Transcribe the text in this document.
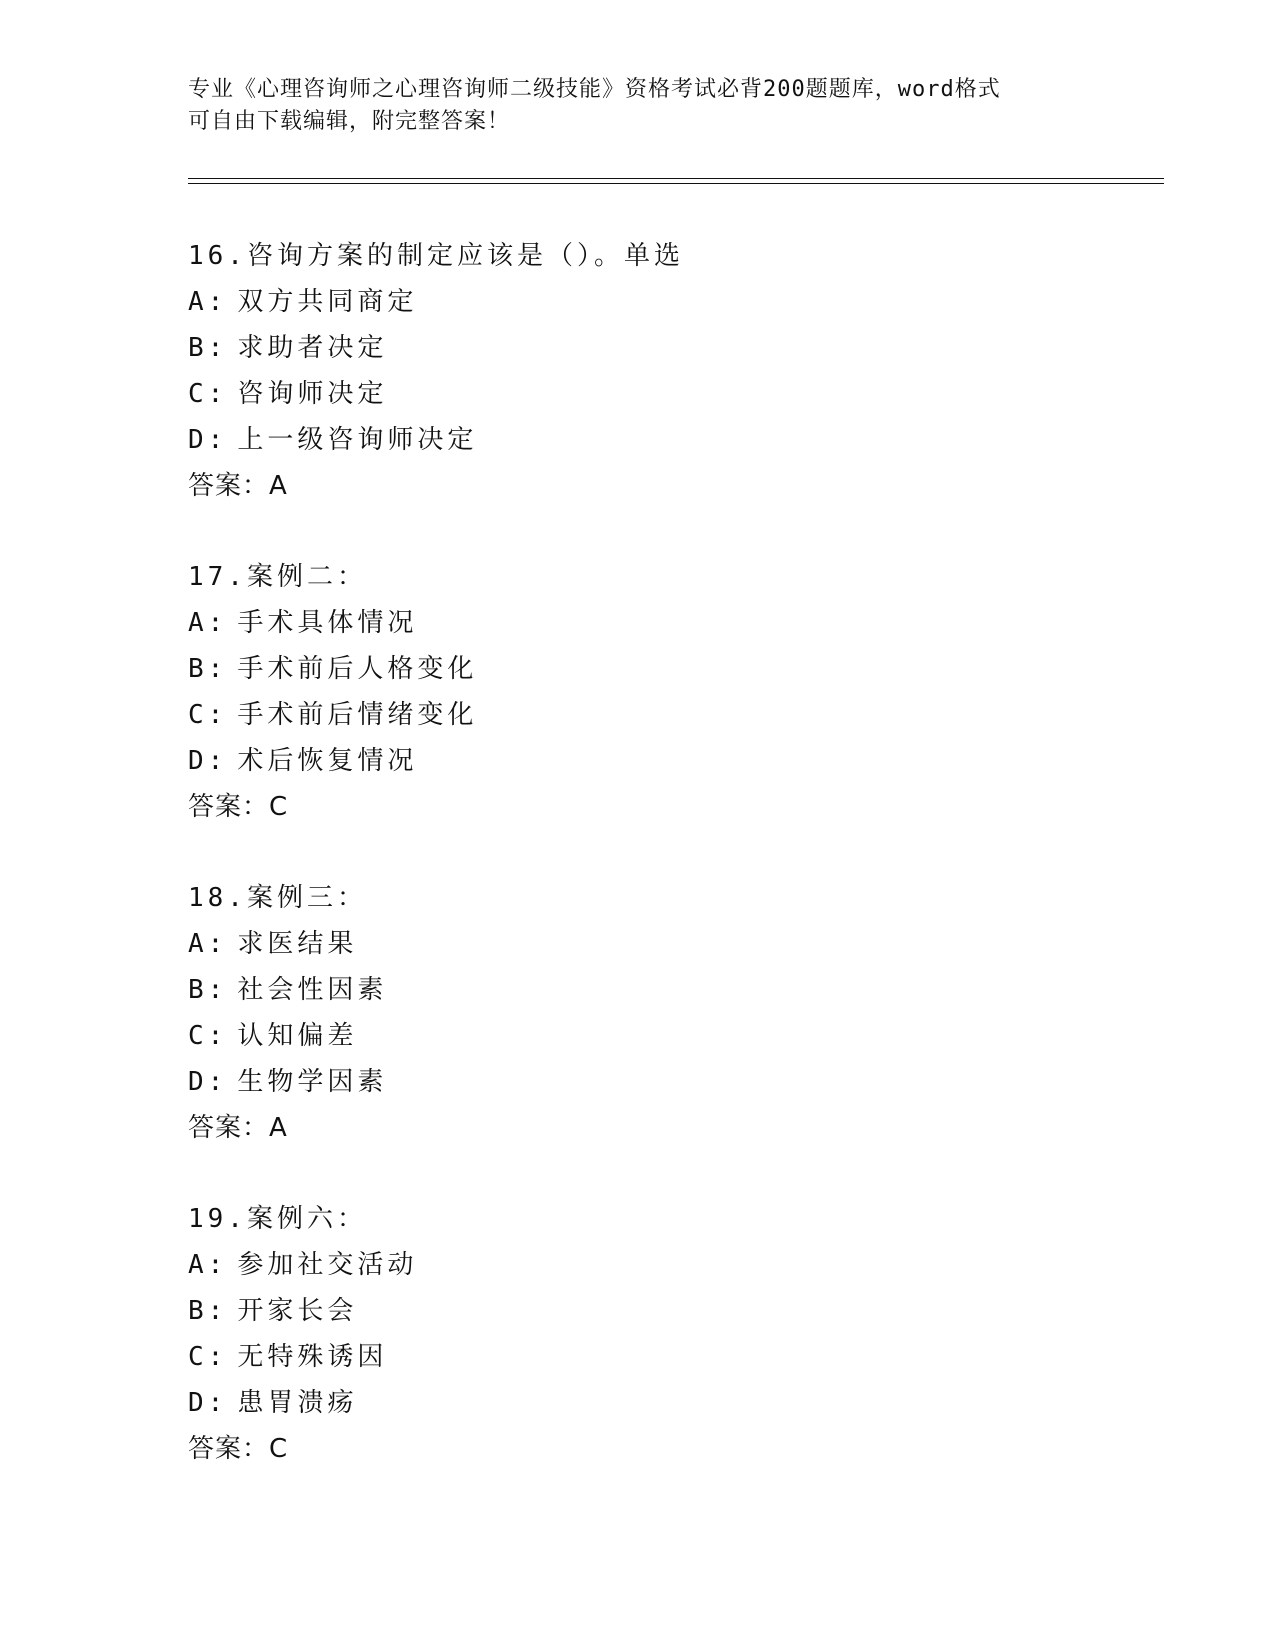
专业《心理咨询师之心理咨询师二级技能》资格考试必背200题题库，word格式
可自由下载编辑，附完整答案！
16.咨询方案的制定应该是（）。单选
A: 双方共同商定
B: 求助者决定
C: 咨询师决定
D: 上一级咨询师决定
答案：A
17.案例二：
A: 手术具体情况
B: 手术前后人格变化
C: 手术前后情绪变化
D: 术后恢复情况
答案：C
18.案例三：
A: 求医结果
B: 社会性因素
C: 认知偏差
D: 生物学因素
答案：A
19.案例六：
A: 参加社交活动
B: 开家长会
C: 无特殊诱因
D: 患胃溃疡
答案：C
